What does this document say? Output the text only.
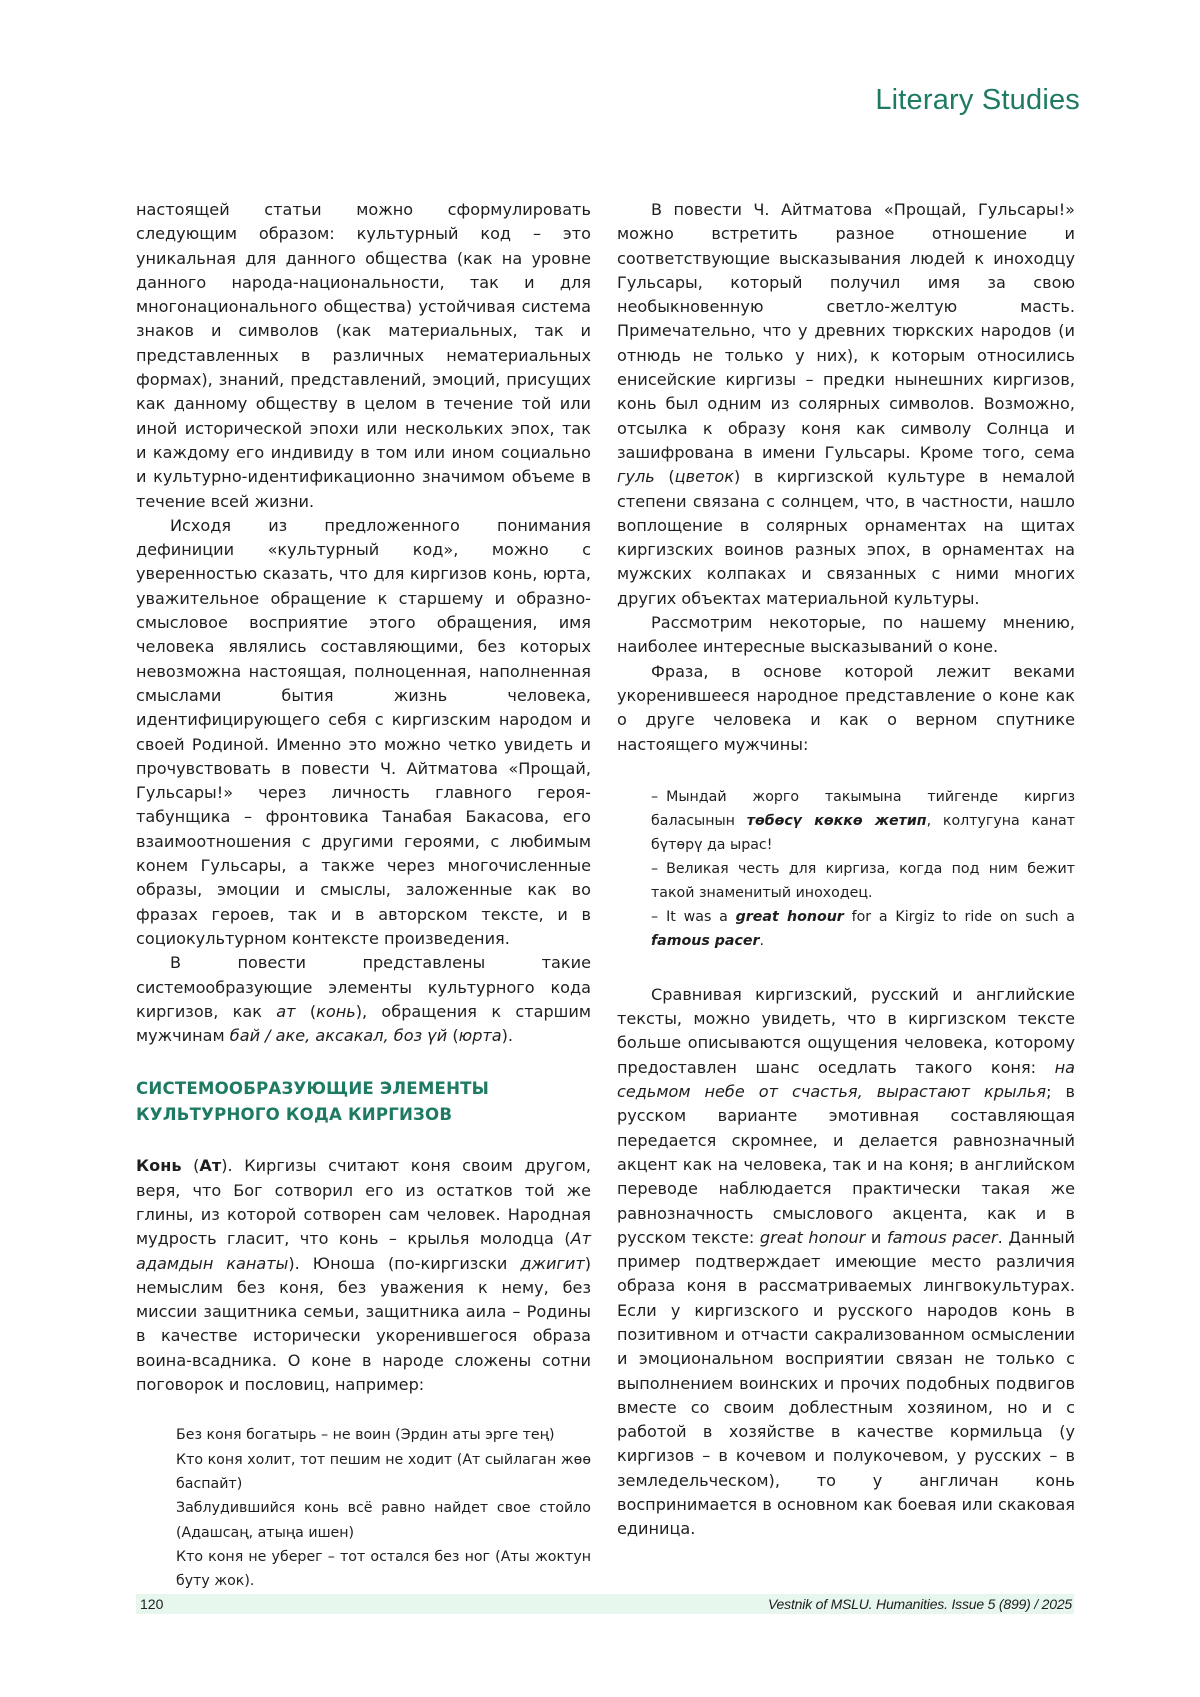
Literary Studies

настоящей статьи можно сформулировать следующим образом: культурный код – это уникальная для данного общества (как на уровне данного народа-национальности, так и для многонационального общества) устойчивая система знаков и символов (как материальных, так и представленных в различных нематериальных формах), знаний, представлений, эмоций, присущих как данному обществу в целом в течение той или иной исторической эпохи или нескольких эпох, так и каждому его индивиду в том или ином социально и культурно-идентификационно значимом объеме в течение всей жизни.

Исходя из предложенного понимания дефиниции «культурный код», можно с уверенностью сказать, что для киргизов конь, юрта, уважительное обращение к старшему и образно-смысловое восприятие этого обращения, имя человека являлись составляющими, без которых невозможна настоящая, полноценная, наполненная смыслами бытия жизнь человека, идентифицирующего себя с киргизским народом и своей Родиной. Именно это можно четко увидеть и прочувствовать в повести Ч. Айтматова «Прощай, Гульсары!» через личность главного героя-табунщика – фронтовика Танабая Бакасова, его взаимоотношения с другими героями, с любимым конем Гульсары, а также через многочисленные образы, эмоции и смыслы, заложенные как во фразах героев, так и в авторском тексте, и в социокультурном контексте произведения.

В повести представлены такие системообразующие элементы культурного кода киргизов, как ат (конь), обращения к старшим мужчинам бай / аке, аксакал, боз үй (юрта).

СИСТЕМООБРАЗУЮЩИЕ ЭЛЕМЕНТЫ
КУЛЬТУРНОГО КОДА КИРГИЗОВ

Конь (Ат). Киргизы считают коня своим другом, веря, что Бог сотворил его из остатков той же глины, из которой сотворен сам человек. Народная мудрость гласит, что конь – крылья молодца (Ат адамдын канаты). Юноша (по-киргизски джигит) немыслим без коня, без уважения к нему, без миссии защитника семьи, защитника аила – Родины в качестве исторически укоренившегося образа воина-всадника. О коне в народе сложены сотни поговорок и пословиц, например:

Без коня богатырь – не воин (Эрдин аты эрге тең)
Кто коня холит, тот пешим не ходит (Ат сыйлаган жөө баспайт)
Заблудившийся конь всё равно найдет свое стойло (Адашсаң, атыңа ишен)
Кто коня не уберег – тот остался без ног (Аты жоктун буту жок).

В повести Ч. Айтматова «Прощай, Гульсары!» можно встретить разное отношение и соответствующие высказывания людей к иноходцу Гульсары, который получил имя за свою необыкновенную светло-желтую масть. Примечательно, что у древних тюркских народов (и отнюдь не только у них), к которым относились енисейские киргизы – предки нынешних киргизов, конь был одним из солярных символов. Возможно, отсылка к образу коня как символу Солнца и зашифрована в имени Гульсары. Кроме того, сема гуль (цветок) в киргизской культуре в немалой степени связана с солнцем, что, в частности, нашло воплощение в солярных орнаментах на щитах киргизских воинов разных эпох, в орнаментах на мужских колпаках и связанных с ними многих других объектах материальной культуры.

Рассмотрим некоторые, по нашему мнению, наиболее интересные высказываний о коне.

Фраза, в основе которой лежит веками укоренившееся народное представление о коне как о друге человека и как о верном спутнике настоящего мужчины:

– Мындай жорго такымына тийгенде киргиз баласынын төбөсү көккө жетип, колтугуна канат бүтөрү да ырас!
– Великая честь для киргиза, когда под ним бежит такой знаменитый иноходец.
– It was a great honour for a Kirgiz to ride on such a famous pacer.

Сравнивая киргизский, русский и английские тексты, можно увидеть, что в киргизском тексте больше описываются ощущения человека, которому предоставлен шанс оседлать такого коня: на седьмом небе от счастья, вырастают крылья; в русском варианте эмотивная составляющая передается скромнее, и делается равнозначный акцент как на человека, так и на коня; в английском переводе наблюдается практически такая же равнозначность смыслового акцента, как и в русском тексте: great honour и famous pacer. Данный пример подтверждает имеющие место различия образа коня в рассматриваемых лингвокультурах. Если у киргизского и русского народов конь в позитивном и отчасти сакрализованном осмыслении и эмоциональном восприятии связан не только с выполнением воинских и прочих подобных подвигов вместе со своим доблестным хозяином, но и с работой в хозяйстве в качестве кормильца (у киргизов – в кочевом и полукочевом, у русских – в земледельческом), то у англичан конь воспринимается в основном как боевая или скаковая единица.

120	Vestnik of MSLU. Humanities. Issue 5 (899) / 2025
